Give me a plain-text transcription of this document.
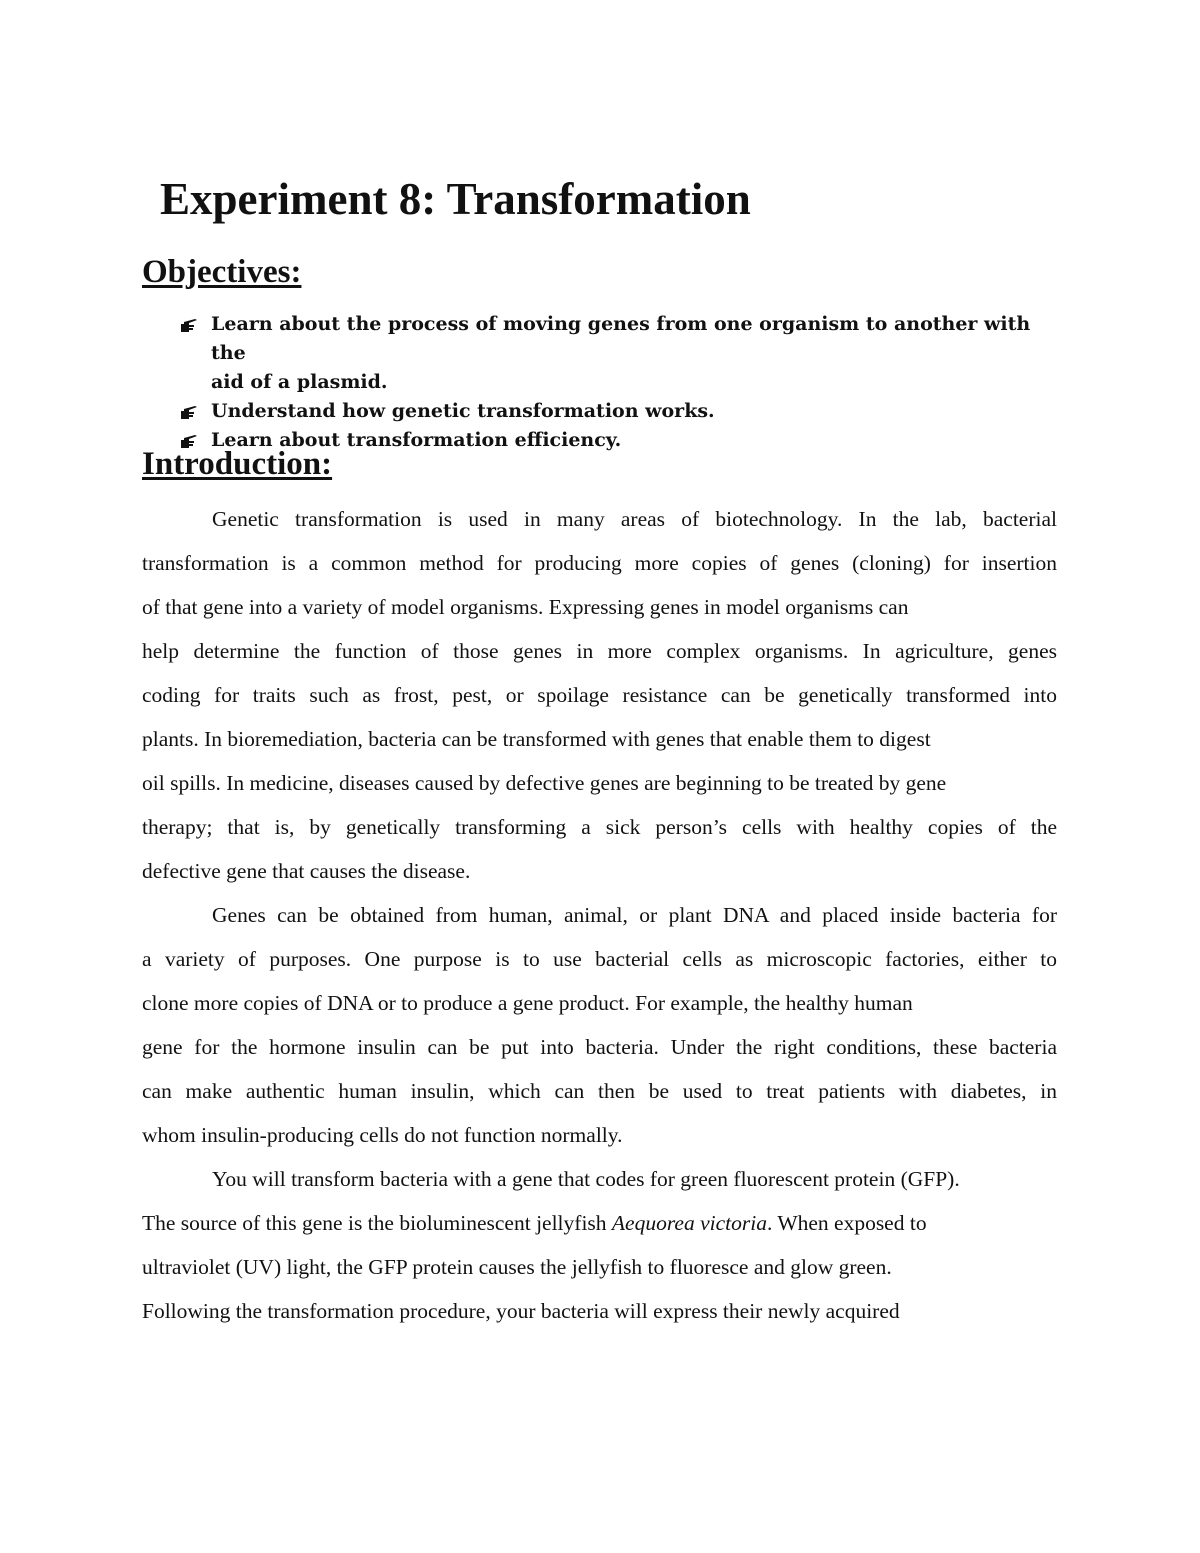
Experiment 8: Transformation
Objectives:
Learn about the process of moving genes from one organism to another with the
aid of a plasmid.
Understand how genetic transformation works.
Learn about transformation efficiency.
Introduction:
Genetic transformation is used in many areas of biotechnology. In the lab, bacterial
transformation is a common method for producing more copies of genes (cloning) for insertion
of that gene into a variety of model organisms. Expressing genes in model organisms can
help determine the function of those genes in more complex organisms. In agriculture, genes
coding for traits such as frost, pest, or spoilage resistance can be genetically transformed into
plants. In bioremediation, bacteria can be transformed with genes that enable them to digest
oil spills. In medicine, diseases caused by defective genes are beginning to be treated by gene
therapy; that is, by genetically transforming a sick person’s cells with healthy copies of the
defective gene that causes the disease.
Genes can be obtained from human, animal, or plant DNA and placed inside bacteria for
a variety of purposes. One purpose is to use bacterial cells as microscopic factories, either to
clone more copies of DNA or to produce a gene product. For example, the healthy human
gene for the hormone insulin can be put into bacteria. Under the right conditions, these bacteria
can make authentic human insulin, which can then be used to treat patients with diabetes, in
whom insulin-producing cells do not function normally.
You will transform bacteria with a gene that codes for green fluorescent protein (GFP).
The source of this gene is the bioluminescent jellyfish Aequorea victoria. When exposed to
ultraviolet (UV) light, the GFP protein causes the jellyfish to fluoresce and glow green.
Following the transformation procedure, your bacteria will express their newly acquired
